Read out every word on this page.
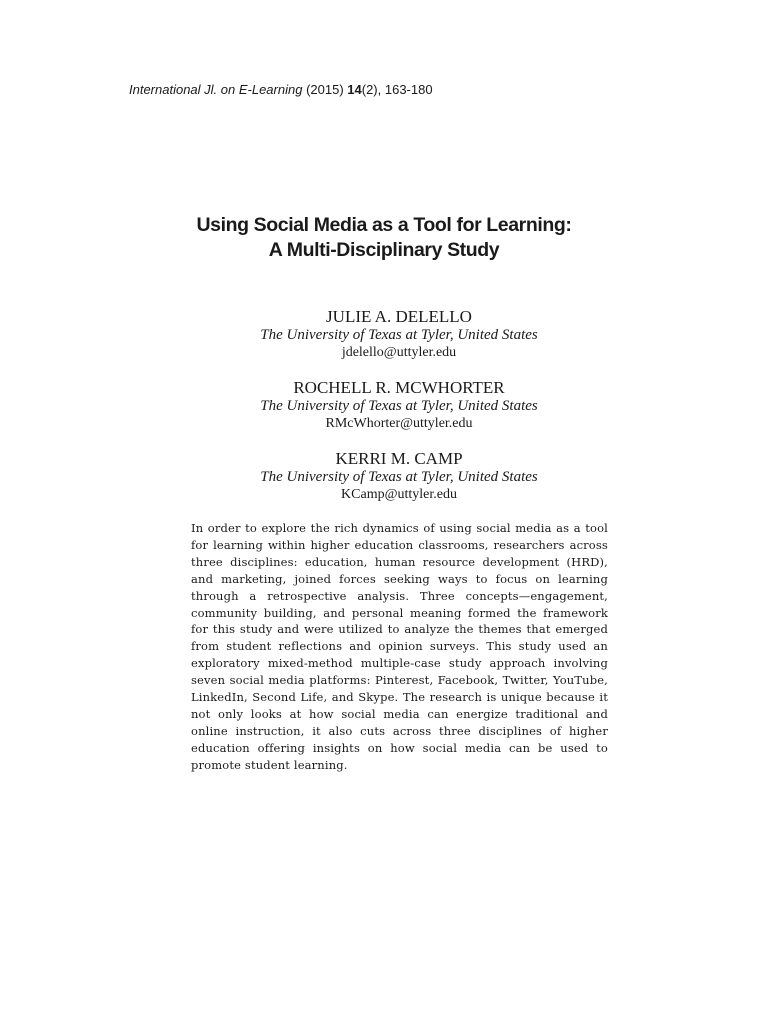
International Jl. on E-Learning (2015) 14(2), 163-180
Using Social Media as a Tool for Learning:
A Multi-Disciplinary Study
JULIE A. DELELLO
The University of Texas at Tyler, United States
jdelello@uttyler.edu
ROCHELL R. MCWHORTER
The University of Texas at Tyler, United States
RMcWhorter@uttyler.edu
KERRI M. CAMP
The University of Texas at Tyler, United States
KCamp@uttyler.edu
In order to explore the rich dynamics of using social media as a tool for learning within higher education classrooms, researchers across three disciplines: education, human resource development (HRD), and marketing, joined forces seeking ways to focus on learning through a retrospective analysis. Three concepts—engagement, community building, and personal meaning formed the framework for this study and were utilized to analyze the themes that emerged from student reflections and opinion surveys. This study used an exploratory mixed-method multiple-case study approach involving seven social media platforms: Pinterest, Facebook, Twitter, YouTube, LinkedIn, Second Life, and Skype. The research is unique because it not only looks at how social media can energize traditional and online instruction, it also cuts across three disciplines of higher education offering insights on how social media can be used to promote student learning.
